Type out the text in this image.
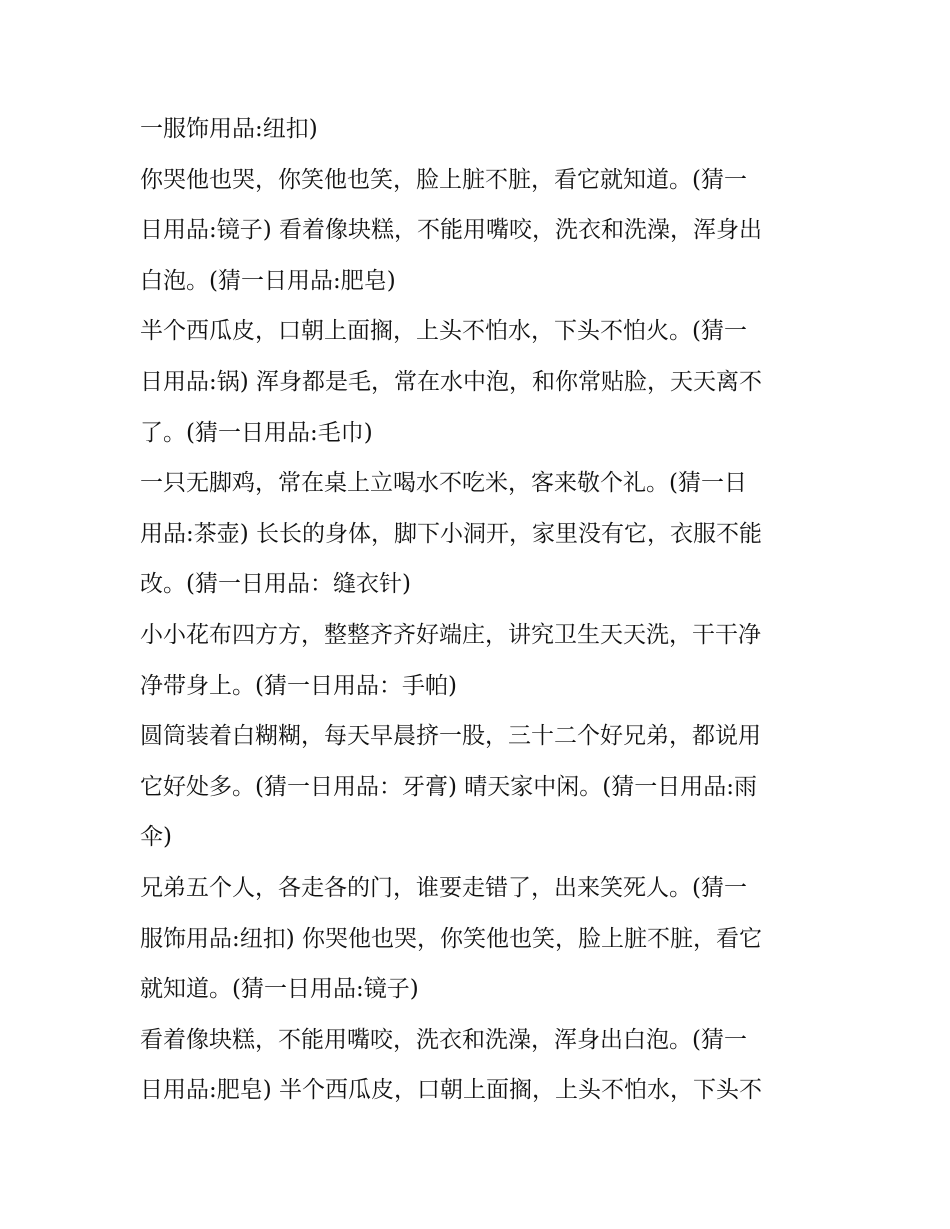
一服饰用品:纽扣)
你哭他也哭，你笑他也笑，脸上脏不脏，看它就知道。(猜一
日用品:镜子) 看着像块糕，不能用嘴咬，洗衣和洗澡，浑身出
白泡。(猜一日用品:肥皂)
半个西瓜皮，口朝上面搁，上头不怕水，下头不怕火。(猜一
日用品:锅) 浑身都是毛，常在水中泡，和你常贴脸，天天离不
了。(猜一日用品:毛巾)
一只无脚鸡，常在桌上立喝水不吃米，客来敬个礼。(猜一日
用品:茶壶) 长长的身体，脚下小洞开，家里没有它，衣服不能
改。(猜一日用品：缝衣针)
小小花布四方方，整整齐齐好端庄，讲究卫生天天洗，干干净
净带身上。(猜一日用品：手帕)
圆筒装着白糊糊，每天早晨挤一股，三十二个好兄弟，都说用
它好处多。(猜一日用品：牙膏) 晴天家中闲。(猜一日用品:雨
伞)
兄弟五个人，各走各的门，谁要走错了，出来笑死人。(猜一
服饰用品:纽扣) 你哭他也哭，你笑他也笑，脸上脏不脏，看它
就知道。(猜一日用品:镜子)
看着像块糕，不能用嘴咬，洗衣和洗澡，浑身出白泡。(猜一
日用品:肥皂) 半个西瓜皮，口朝上面搁，上头不怕水，下头不
